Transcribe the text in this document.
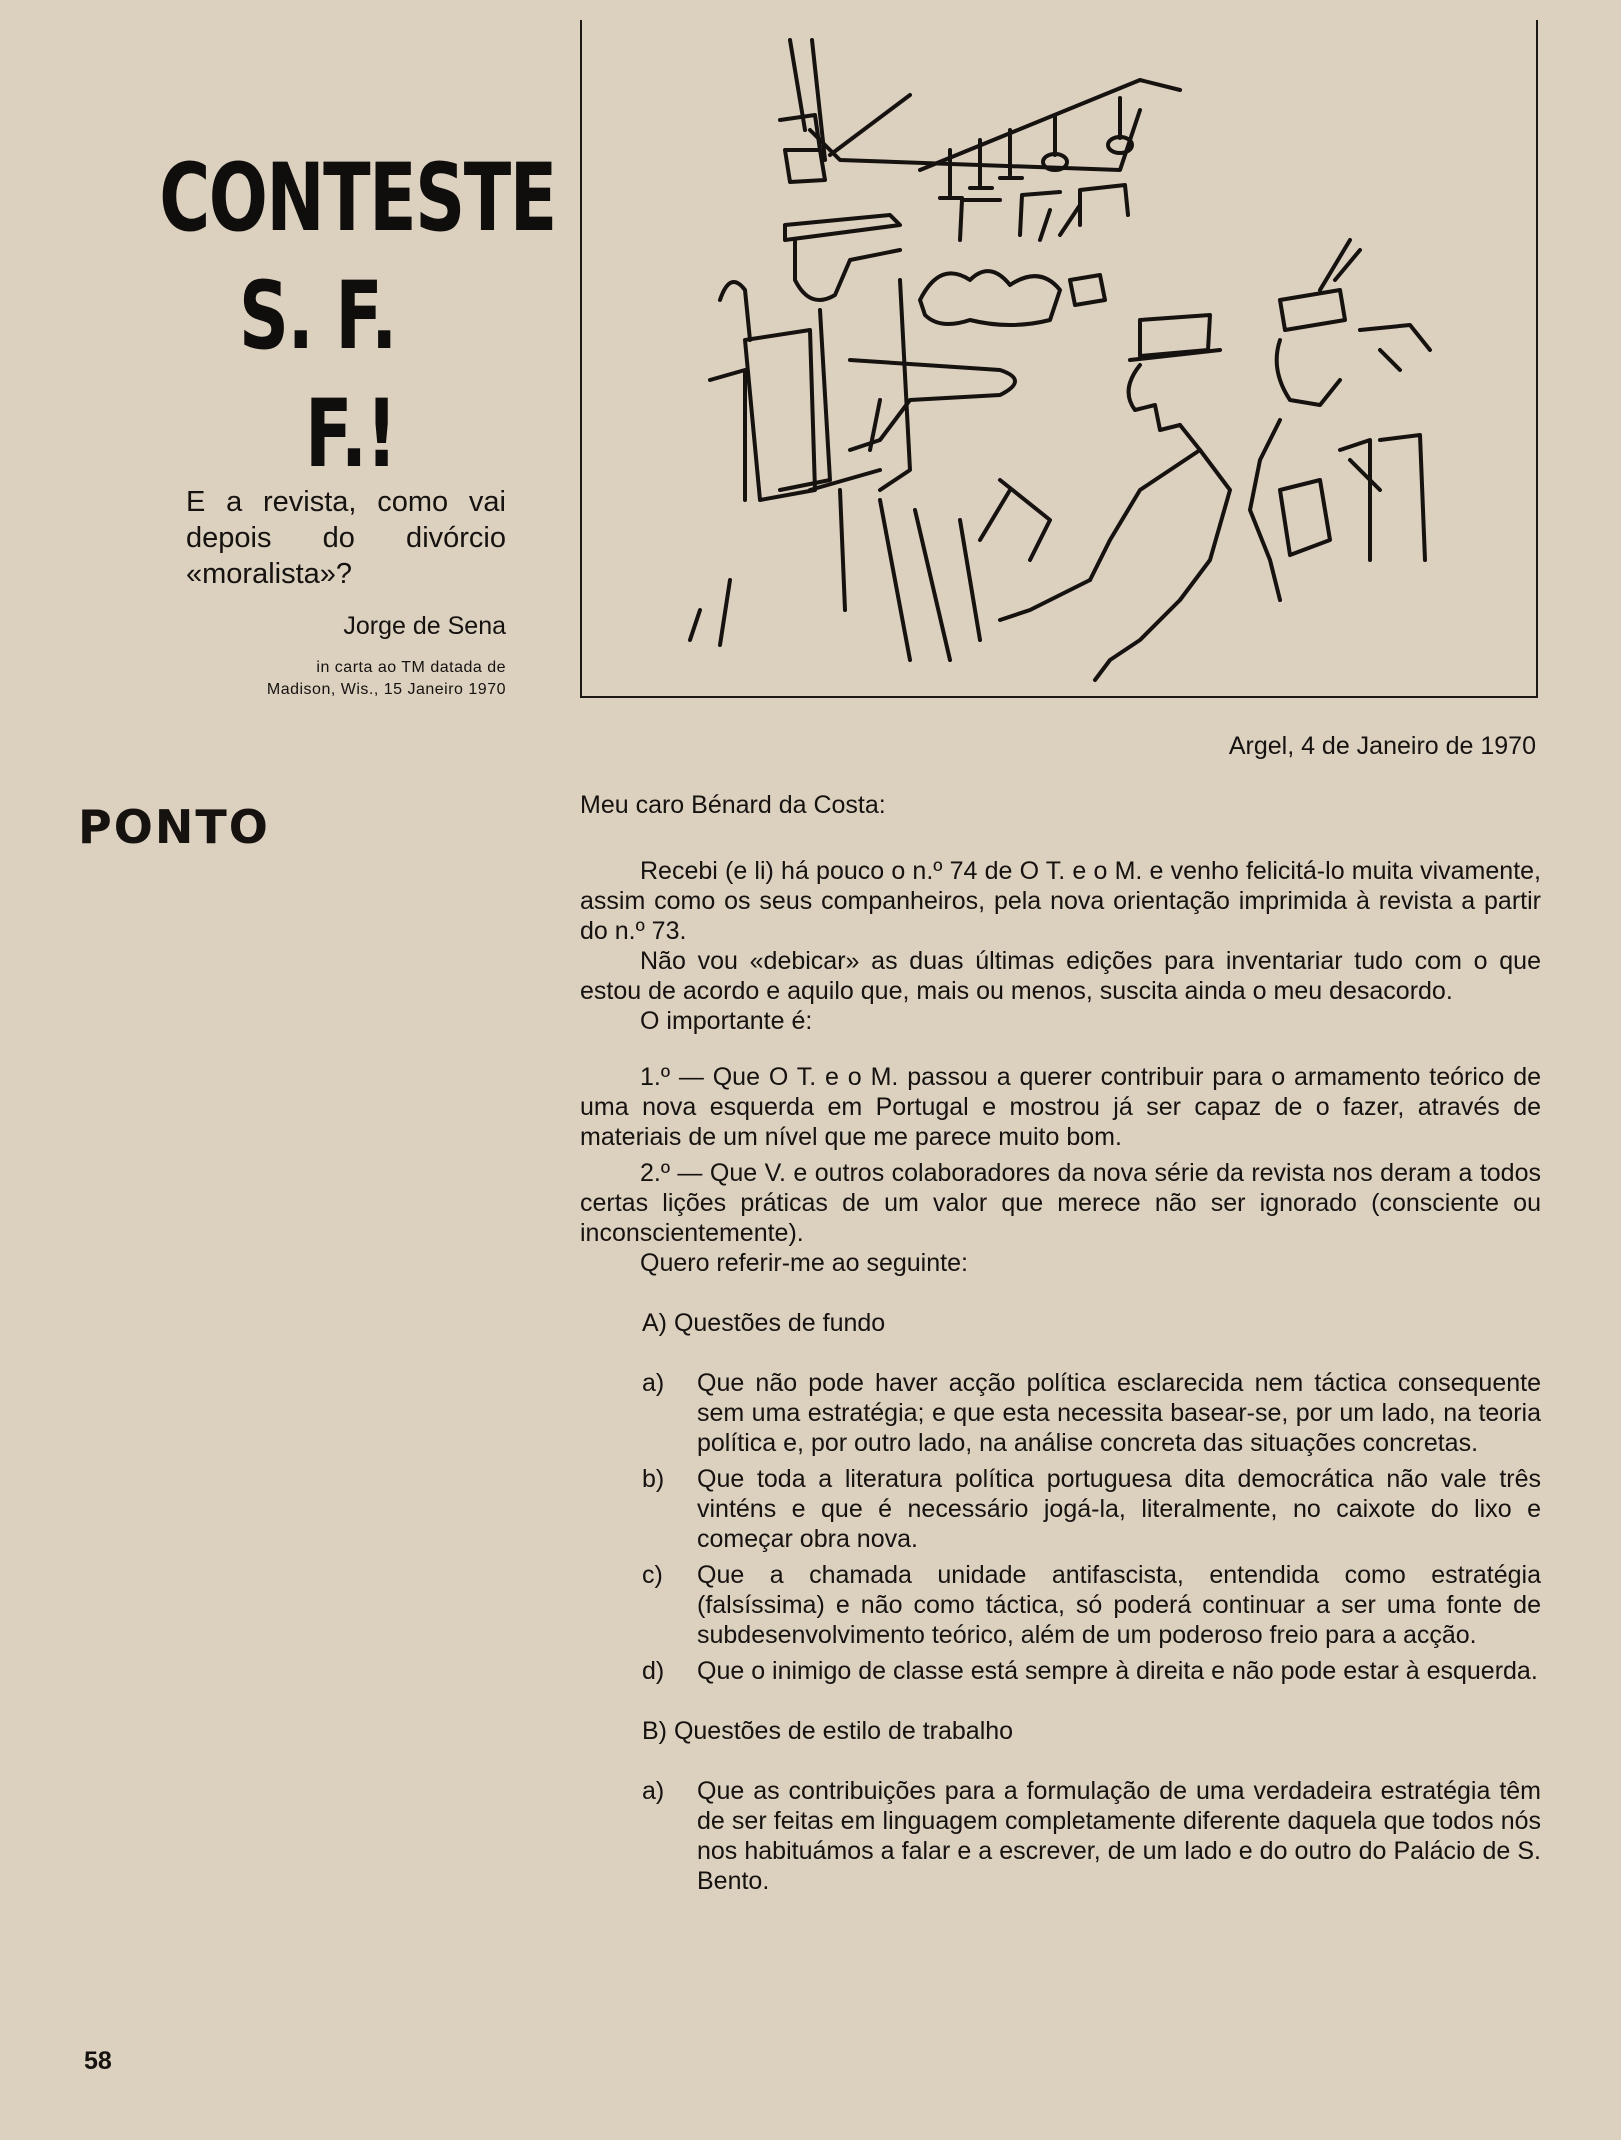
CONTESTE
S. F. F.!
E a revista, como vai depois do divórcio «moralista»?
Jorge de Sena
in carta ao TM datada de
Madison, Wis., 15 Janeiro 1970
PONTO
Argel, 4 de Janeiro de 1970
Meu caro Bénard da Costa:
Recebi (e li) há pouco o n.º 74 de O T. e o M. e venho felicitá-lo muita vivamente, assim como os seus companheiros, pela nova orientação imprimida à revista a partir do n.º 73.
Não vou «debicar» as duas últimas edições para inventariar tudo com o que estou de acordo e aquilo que, mais ou menos, suscita ainda o meu desacordo.
O importante é:
1.º — Que O T. e o M. passou a querer contribuir para o armamento teórico de uma nova esquerda em Portugal e mostrou já ser capaz de o fazer, através de materiais de um nível que me parece muito bom.
2.º — Que V. e outros colaboradores da nova série da revista nos deram a todos certas lições práticas de um valor que merece não ser ignorado (consciente ou inconscientemente).
Quero referir-me ao seguinte:
A) Questões de fundo
a)	Que não pode haver acção política esclarecida nem táctica consequente sem uma estratégia; e que esta necessita basear-se, por um lado, na teoria política e, por outro lado, na análise concreta das situações concretas.
b)	Que toda a literatura política portuguesa dita democrática não vale três vinténs e que é necessário jogá-la, literalmente, no caixote do lixo e começar obra nova.
c)	Que a chamada unidade antifascista, entendida como estratégia (falsíssima) e não como táctica, só poderá continuar a ser uma fonte de subdesenvolvimento teórico, além de um poderoso freio para a acção.
d)	Que o inimigo de classe está sempre à direita e não pode estar à esquerda.
B) Questões de estilo de trabalho
a)	Que as contribuições para a formulação de uma verdadeira estratégia têm de ser feitas em linguagem completamente diferente daquela que todos nós nos habituámos a falar e a escrever, de um lado e do outro do Palácio de S. Bento.
58
